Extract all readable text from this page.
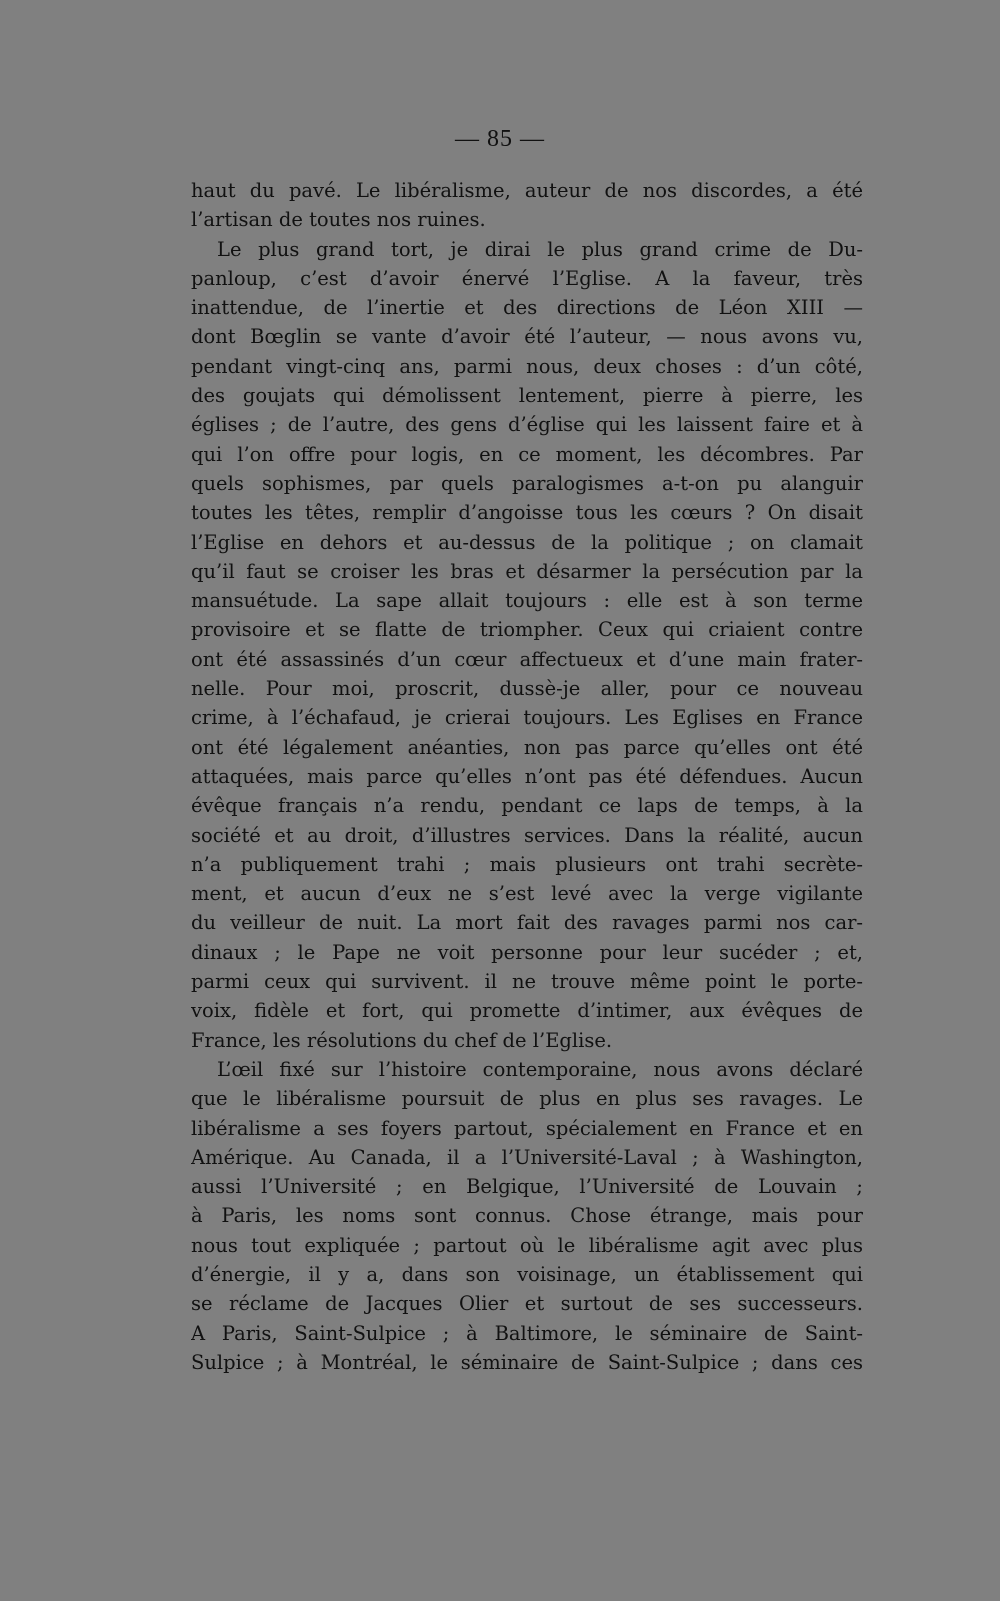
— 85 —
haut du pavé. Le libéralisme, auteur de nos discordes, a été
l’artisan de toutes nos ruines.
Le plus grand tort, je dirai le plus grand crime de Du-
panloup, c’est d’avoir énervé l’Eglise. A la faveur, très
inattendue, de l’inertie et des directions de Léon XIII —
dont Bœglin se vante d’avoir été l’auteur, — nous avons vu,
pendant vingt-cinq ans, parmi nous, deux choses : d’un côté,
des goujats qui démolissent lentement, pierre à pierre, les
églises ; de l’autre, des gens d’église qui les laissent faire et à
qui l’on offre pour logis, en ce moment, les décombres. Par
quels sophismes, par quels paralogismes a-t-on pu alanguir
toutes les têtes, remplir d’angoisse tous les cœurs ? On disait
l’Eglise en dehors et au-dessus de la politique ; on clamait
qu’il faut se croiser les bras et désarmer la persécution par la
mansuétude. La sape allait toujours : elle est à son terme
provisoire et se flatte de triompher. Ceux qui criaient contre
ont été assassinés d’un cœur affectueux et d’une main frater-
nelle. Pour moi, proscrit, dussè-je aller, pour ce nouveau
crime, à l’échafaud, je crierai toujours. Les Eglises en France
ont été légalement anéanties, non pas parce qu’elles ont été
attaquées, mais parce qu’elles n’ont pas été défendues. Aucun
évêque français n’a rendu, pendant ce laps de temps, à la
société et au droit, d’illustres services. Dans la réalité, aucun
n’a publiquement trahi ; mais plusieurs ont trahi secrète-
ment, et aucun d’eux ne s’est levé avec la verge vigilante
du veilleur de nuit. La mort fait des ravages parmi nos car-
dinaux ; le Pape ne voit personne pour leur sucéder ; et,
parmi ceux qui survivent. il ne trouve même point le porte-
voix, fidèle et fort, qui promette d’intimer, aux évêques de
France, les résolutions du chef de l’Eglise.
L’œil fixé sur l’histoire contemporaine, nous avons déclaré
que le libéralisme poursuit de plus en plus ses ravages. Le
libéralisme a ses foyers partout, spécialement en France et en
Amérique. Au Canada, il a l’Université-Laval ; à Washington,
aussi l’Université ; en Belgique, l’Université de Louvain ;
à Paris, les noms sont connus. Chose étrange, mais pour
nous tout expliquée ; partout où le libéralisme agit avec plus
d’énergie, il y a, dans son voisinage, un établissement qui
se réclame de Jacques Olier et surtout de ses successeurs.
A Paris, Saint-Sulpice ; à Baltimore, le séminaire de Saint-
Sulpice ; à Montréal, le séminaire de Saint-Sulpice ; dans ces
